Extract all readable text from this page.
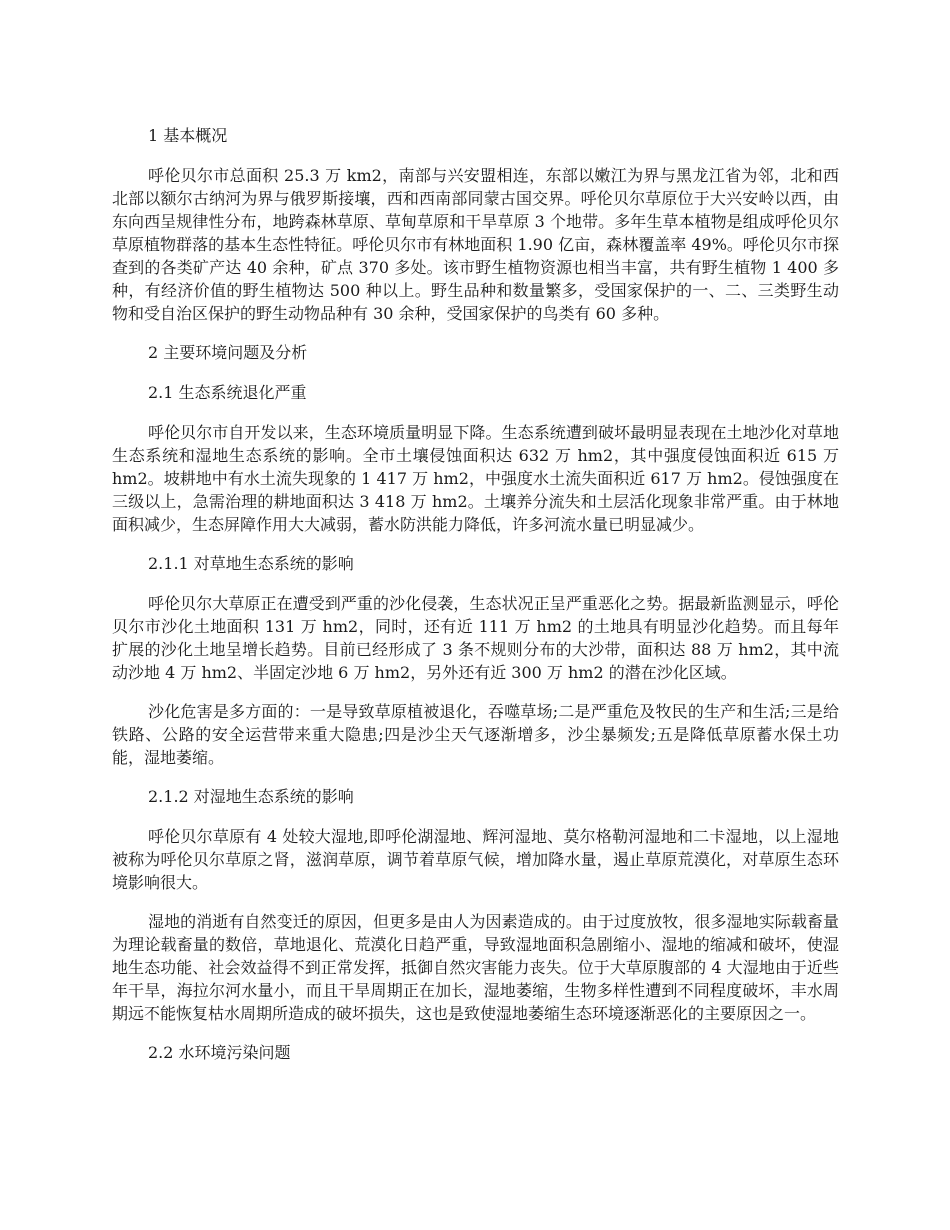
1 基本概况

呼伦贝尔市总面积 25.3 万 km2，南部与兴安盟相连，东部以嫩江为界与黑龙江省为邻，北和西北部以额尔古纳河为界与俄罗斯接壤，西和西南部同蒙古国交界。呼伦贝尔草原位于大兴安岭以西，由东向西呈规律性分布，地跨森林草原、草甸草原和干旱草原 3 个地带。多年生草本植物是组成呼伦贝尔草原植物群落的基本生态性特征。呼伦贝尔市有林地面积 1.90 亿亩，森林覆盖率 49%。呼伦贝尔市探查到的各类矿产达 40 余种，矿点 370 多处。该市野生植物资源也相当丰富，共有野生植物 1 400 多种，有经济价值的野生植物达 500 种以上。野生品种和数量繁多，受国家保护的一、二、三类野生动物和受自治区保护的野生动物品种有 30 余种，受国家保护的鸟类有 60 多种。

2 主要环境问题及分析

2.1 生态系统退化严重

呼伦贝尔市自开发以来，生态环境质量明显下降。生态系统遭到破坏最明显表现在土地沙化对草地生态系统和湿地生态系统的影响。全市土壤侵蚀面积达 632 万 hm2，其中强度侵蚀面积近 615 万 hm2。坡耕地中有水土流失现象的 1 417 万 hm2，中强度水土流失面积近 617 万 hm2。侵蚀强度在三级以上，急需治理的耕地面积达 3 418 万 hm2。土壤养分流失和土层活化现象非常严重。由于林地面积减少，生态屏障作用大大减弱，蓄水防洪能力降低，许多河流水量已明显减少。

2.1.1 对草地生态系统的影响

呼伦贝尔大草原正在遭受到严重的沙化侵袭，生态状况正呈严重恶化之势。据最新监测显示，呼伦贝尔市沙化土地面积 131 万 hm2，同时，还有近 111 万 hm2 的土地具有明显沙化趋势。而且每年扩展的沙化土地呈增长趋势。目前已经形成了 3 条不规则分布的大沙带，面积达 88 万 hm2，其中流动沙地 4 万 hm2、半固定沙地 6 万 hm2，另外还有近 300 万 hm2 的潜在沙化区域。

沙化危害是多方面的：一是导致草原植被退化，吞噬草场;二是严重危及牧民的生产和生活;三是给铁路、公路的安全运营带来重大隐患;四是沙尘天气逐渐增多，沙尘暴频发;五是降低草原蓄水保土功能，湿地萎缩。

2.1.2 对湿地生态系统的影响

呼伦贝尔草原有 4 处较大湿地,即呼伦湖湿地、辉河湿地、莫尔格勒河湿地和二卡湿地，以上湿地被称为呼伦贝尔草原之肾，滋润草原，调节着草原气候，增加降水量，遏止草原荒漠化，对草原生态环境影响很大。

湿地的消逝有自然变迁的原因，但更多是由人为因素造成的。由于过度放牧，很多湿地实际载畜量为理论载畜量的数倍，草地退化、荒漠化日趋严重，导致湿地面积急剧缩小、湿地的缩减和破坏，使湿地生态功能、社会效益得不到正常发挥，抵御自然灾害能力丧失。位于大草原腹部的 4 大湿地由于近些年干旱，海拉尔河水量小，而且干旱周期正在加长，湿地萎缩，生物多样性遭到不同程度破坏，丰水周期远不能恢复枯水周期所造成的破坏损失，这也是致使湿地萎缩生态环境逐渐恶化的主要原因之一。

2.2 水环境污染问题
